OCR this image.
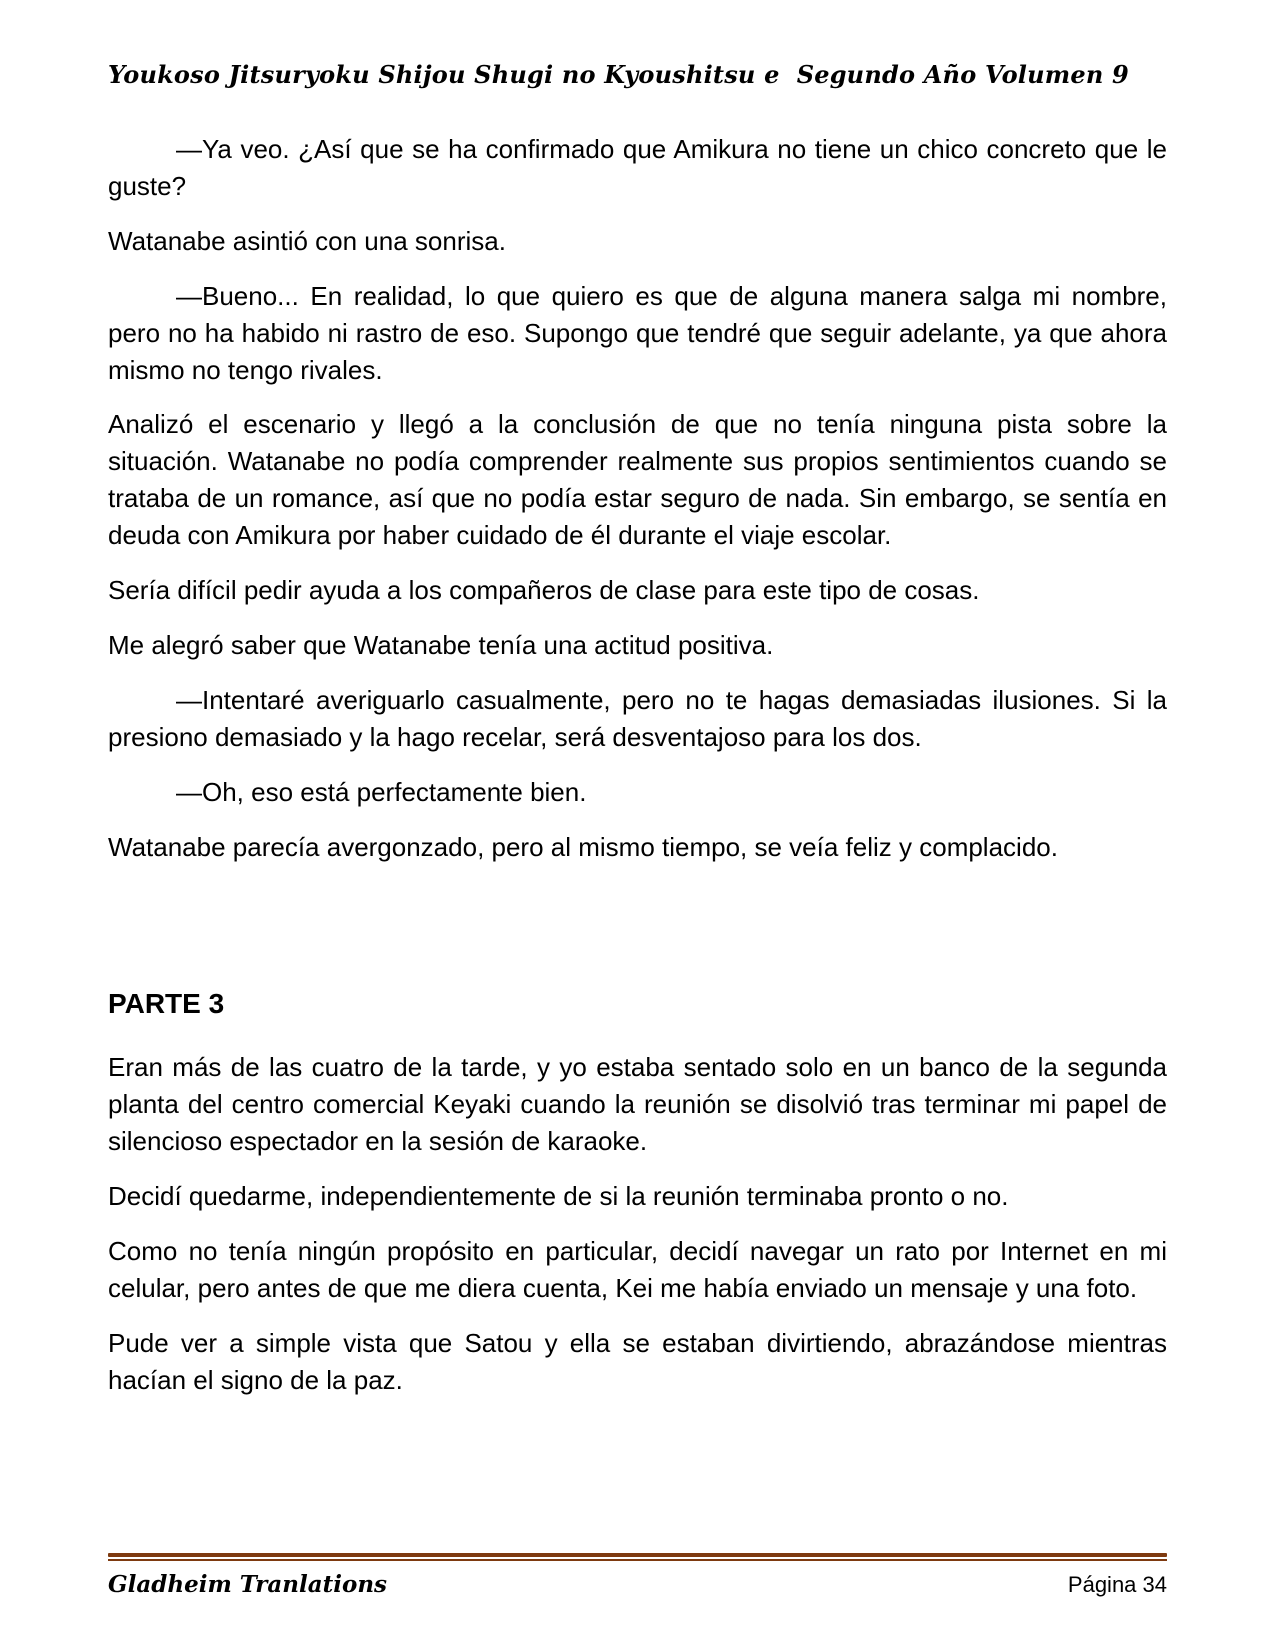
Youkoso Jitsuryoku Shijou Shugi no Kyoushitsu e  Segundo Año Volumen 9

—Ya veo. ¿Así que se ha confirmado que Amikura no tiene un chico concreto que le guste?

Watanabe asintió con una sonrisa.

—Bueno... En realidad, lo que quiero es que de alguna manera salga mi nombre, pero no ha habido ni rastro de eso. Supongo que tendré que seguir adelante, ya que ahora mismo no tengo rivales.

Analizó el escenario y llegó a la conclusión de que no tenía ninguna pista sobre la situación. Watanabe no podía comprender realmente sus propios sentimientos cuando se trataba de un romance, así que no podía estar seguro de nada. Sin embargo, se sentía en deuda con Amikura por haber cuidado de él durante el viaje escolar.

Sería difícil pedir ayuda a los compañeros de clase para este tipo de cosas.

Me alegró saber que Watanabe tenía una actitud positiva.

—Intentaré averiguarlo casualmente, pero no te hagas demasiadas ilusiones. Si la presiono demasiado y la hago recelar, será desventajoso para los dos.

—Oh, eso está perfectamente bien.

Watanabe parecía avergonzado, pero al mismo tiempo, se veía feliz y complacido.

PARTE 3

Eran más de las cuatro de la tarde, y yo estaba sentado solo en un banco de la segunda planta del centro comercial Keyaki cuando la reunión se disolvió tras terminar mi papel de silencioso espectador en la sesión de karaoke.

Decidí quedarme, independientemente de si la reunión terminaba pronto o no.

Como no tenía ningún propósito en particular, decidí navegar un rato por Internet en mi celular, pero antes de que me diera cuenta, Kei me había enviado un mensaje y una foto.

Pude ver a simple vista que Satou y ella se estaban divirtiendo, abrazándose mientras hacían el signo de la paz.

Gladheim Tranlations	Página 34
